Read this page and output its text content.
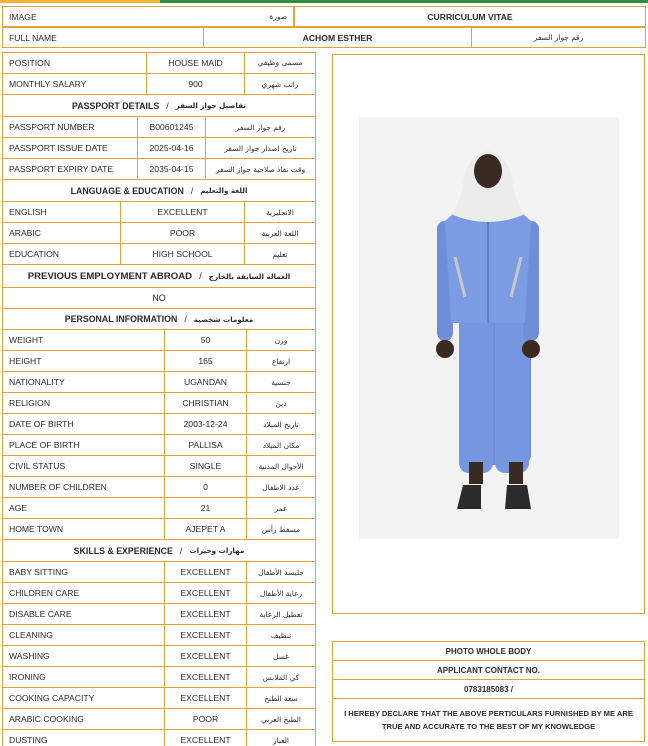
IMAGE	صورة	CURRICULUM VITAE
FULL NAME	ACHOM ESTHER	رقم جواز السفر
POSITION	HOUSE MAID	مسمى وظيفي
MONTHLY SALARY	900	راتب شهري
PASSPORT DETAILS / تفاصيل جواز السفر
PASSPORT NUMBER	B00601245	رقم جواز السفر
PASSPORT ISSUE DATE	2025-04-16	تاريخ اصدار جواز السفر
PASSPORT EXPIRY DATE	2035-04-15	وقت نفاذ صلاحية جواز السفر
LANGUAGE & EDUCATION / اللغة والتعليم
ENGLISH	EXCELLENT	الانجليزية
ARABIC	POOR	اللغة العربية
EDUCATION	HIGH SCHOOL	تعليم
PREVIOUS EMPLOYMENT ABROAD / العمالة السابقة بالخارج
NO
PERSONAL INFORMATION / معلومات شخصية
WEIGHT	50	وزن
HEIGHT	165	ارتفاع
NATIONALITY	UGANDAN	جنسية
RELIGION	CHRISTIAN	دين
DATE OF BIRTH	2003-12-24	تاريخ الميلاد
PLACE OF BIRTH	PALLISA	مكان الميلاد
CIVIL STATUS	SINGLE	الأحوال المدنية
NUMBER OF CHILDREN	0	عدد الاطفال
AGE	21	عمر
HOME TOWN	AJEPET A	مسقط رأس
SKILLS & EXPERIENCE / مهارات وخبرات
BABY SITTING	EXCELLENT	جليسة الأطفال
CHILDREN CARE	EXCELLENT	رعاية الأطفال
DISABLE CARE	EXCELLENT	تعطيل الرعاية
CLEANING	EXCELLENT	تنظيف
WASHING	EXCELLENT	غسل
IRONING	EXCELLENT	كي الملابس
COOKING CAPACITY	EXCELLENT	سعة الطبخ
ARABIC COOKING	POOR	الطبخ العربي
DUSTING	EXCELLENT	الغبار
PHOTO WHOLE BODY
APPLICANT CONTACT NO.
0783185083 /
I HEREBY DECLARE THAT THE ABOVE PERTICULARS FURNISHED BY ME ARE TRUE AND ACCURATE TO THE BEST OF MY KNOWLEDGE
